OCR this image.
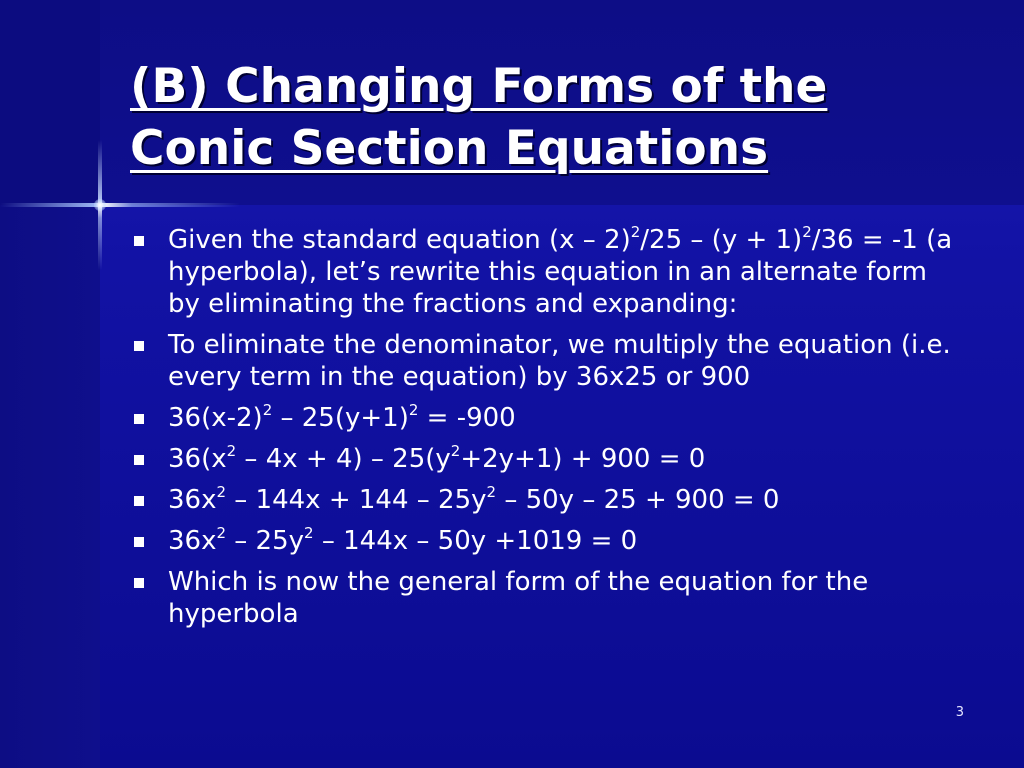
(B) Changing Forms of the
Conic Section Equations
Given the standard equation $(x - 2)^2/25 - (y + 1)^2/36 = -1$ (a hyperbola), let’s rewrite this equation in an alternate form by eliminating the fractions and expanding:
To eliminate the denominator, we multiply the equation (i.e. every term in the equation) by 36x25 or 900
$36(x-2)^2 - 25(y+1)^2 = -900$
$36(x^2 - 4x + 4) - 25(y^2+2y+1) + 900 = 0$
$36x^2 - 144x + 144 - 25y^2 - 50y - 25 + 900 = 0$
$36x^2 - 25y^2 - 144x - 50y +1019 = 0$
Which is now the general form of the equation for the hyperbola
3
